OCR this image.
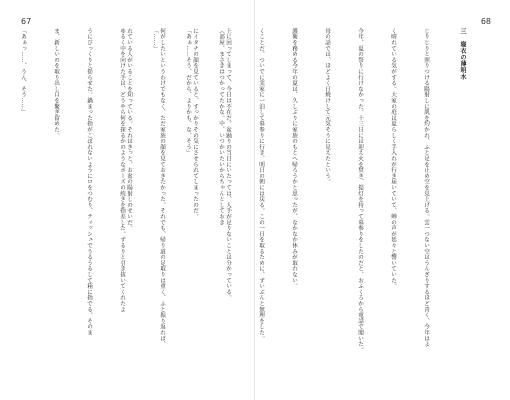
67	68

（部屋、まさきはつかってたかな。中、いつかいたいからちゃんとしておき

「あぁ……そう、だから、よりかも、な、そう」

「……」

ゆるく中を向けた手は、どうやら何を探るかのようなポーズの続きを指差した。ずるりと引き抜いてくれたよ

うにびっくりと揺らせた。鍋まった指がこぼれないようにロをつむり、ティッシュでうるうるして箱に指でる。そのま

ま、新しいのを取り出し口を繋ぎ留めた。

「あぁっ……、うん、そう……」

	三　寝衣の薄明水

じりじりと照りつける陽射しに肌を灼かれ、ふと足を止め空を見上げる。雲一つない空はうんざりするほど青く、今年はよ

く晴れている気がする。大家の庭は夏らしく手入れが行き届いていて、蝉の声が延々と響いていた。

今年、夏の祭りに行けなかった。十三日には迎え火を焚き、提灯を持って墓参りをしたのだと、おふくろから電話で聞いた。

母の話では、ほどよく日焼けして元気そうに見えたという。

護衛を務める今年の夏は、久しぶりに家族のもとへ帰ろうかと思ったが、なかなか休みが取れない。

くことだ。ついでに実家に一泊して墓参りに行き、明日の朝には戻る。この一日を取るために、ずいぶんと無理をした。

上に回ってしまって、今日は不在だ。盆踊りの当日にいたっては、人手が足りないことは分かっている。

にイタチの顔を見ていると、すっかりその気にさせられてしまったのだ。

何がしたいというわけでもなく、ただ家族の顔を見ておきたかった。それでも、帰り道の足取りは重く、ふと振り返れば、

れている人がいることを知っている。それはきっと、お盆の陽射しのせいだ。
